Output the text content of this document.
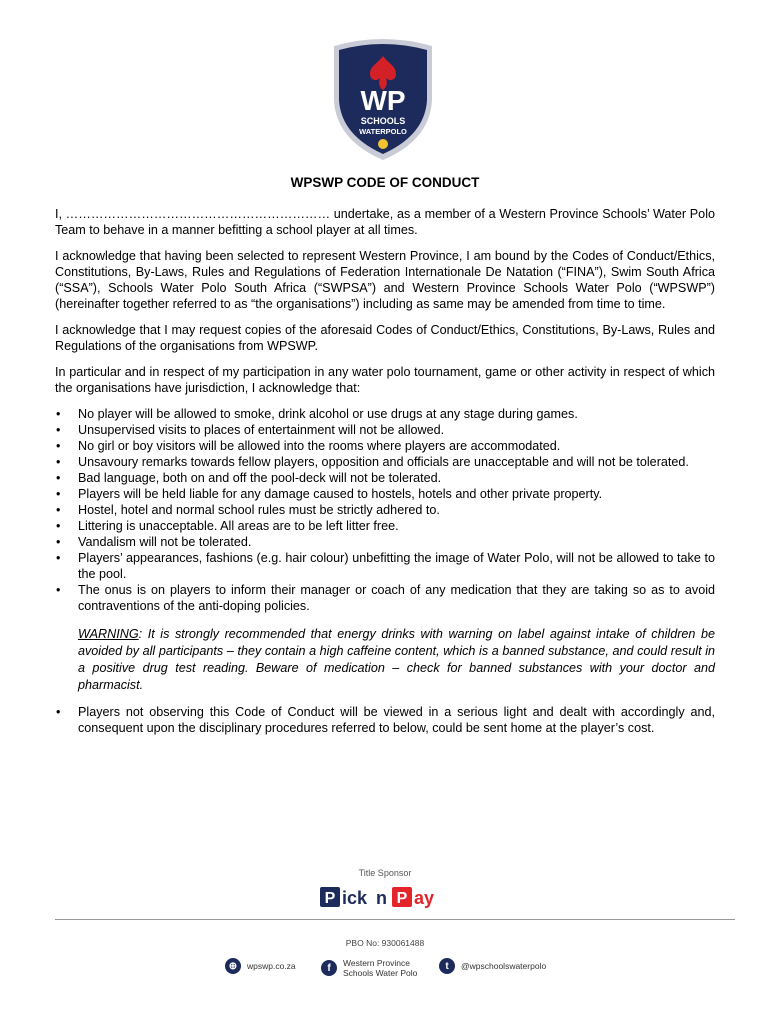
WP
SCHOOLS
WATERPOLO
WPSWP CODE OF CONDUCT

I, ……………………………………………………… undertake, as a member of a Western Province Schools’ Water Polo Team to behave in a manner befitting a school player at all times.

I acknowledge that having been selected to represent Western Province, I am bound by the Codes of Conduct/Ethics, Constitutions, By-Laws, Rules and Regulations of Federation Internationale De Natation (“FINA”), Swim South Africa (“SSA”), Schools Water Polo South Africa (“SWPSA”) and Western Province Schools Water Polo (“WPSWP”) (hereinafter together referred to as “the organisations”) including as same may be amended from time to time.

I acknowledge that I may request copies of the aforesaid Codes of Conduct/Ethics, Constitutions, By-Laws, Rules and Regulations of the organisations from WPSWP.

In particular and in respect of my participation in any water polo tournament, game or other activity in respect of which the organisations have jurisdiction, I acknowledge that:

• No player will be allowed to smoke, drink alcohol or use drugs at any stage during games.
• Unsupervised visits to places of entertainment will not be allowed.
• No girl or boy visitors will be allowed into the rooms where players are accommodated.
• Unsavoury remarks towards fellow players, opposition and officials are unacceptable and will not be tolerated.
• Bad language, both on and off the pool-deck will not be tolerated.
• Players will be held liable for any damage caused to hostels, hotels and other private property.
• Hostel, hotel and normal school rules must be strictly adhered to.
• Littering is unacceptable. All areas are to be left litter free.
• Vandalism will not be tolerated.
• Players’ appearances, fashions (e.g. hair colour) unbefitting the image of Water Polo, will not be allowed to take to the pool.
• The onus is on players to inform their manager or coach of any medication that they are taking so as to avoid contraventions of the anti-doping policies.

WARNING: It is strongly recommended that energy drinks with warning on label against intake of children be avoided by all participants – they contain a high caffeine content, which is a banned substance, and could result in a positive drug test reading. Beware of medication – check for banned substances with your doctor and pharmacist.

• Players not observing this Code of Conduct will be viewed in a serious light and dealt with accordingly and, consequent upon the disciplinary procedures referred to below, could be sent home at the player’s cost.
Title Sponsor
P ick n P ay
PBO No: 930061488
⊕	wpswp.co.za	f	Western Province
Schools Water Polo
t	@wpschoolswaterpolo
